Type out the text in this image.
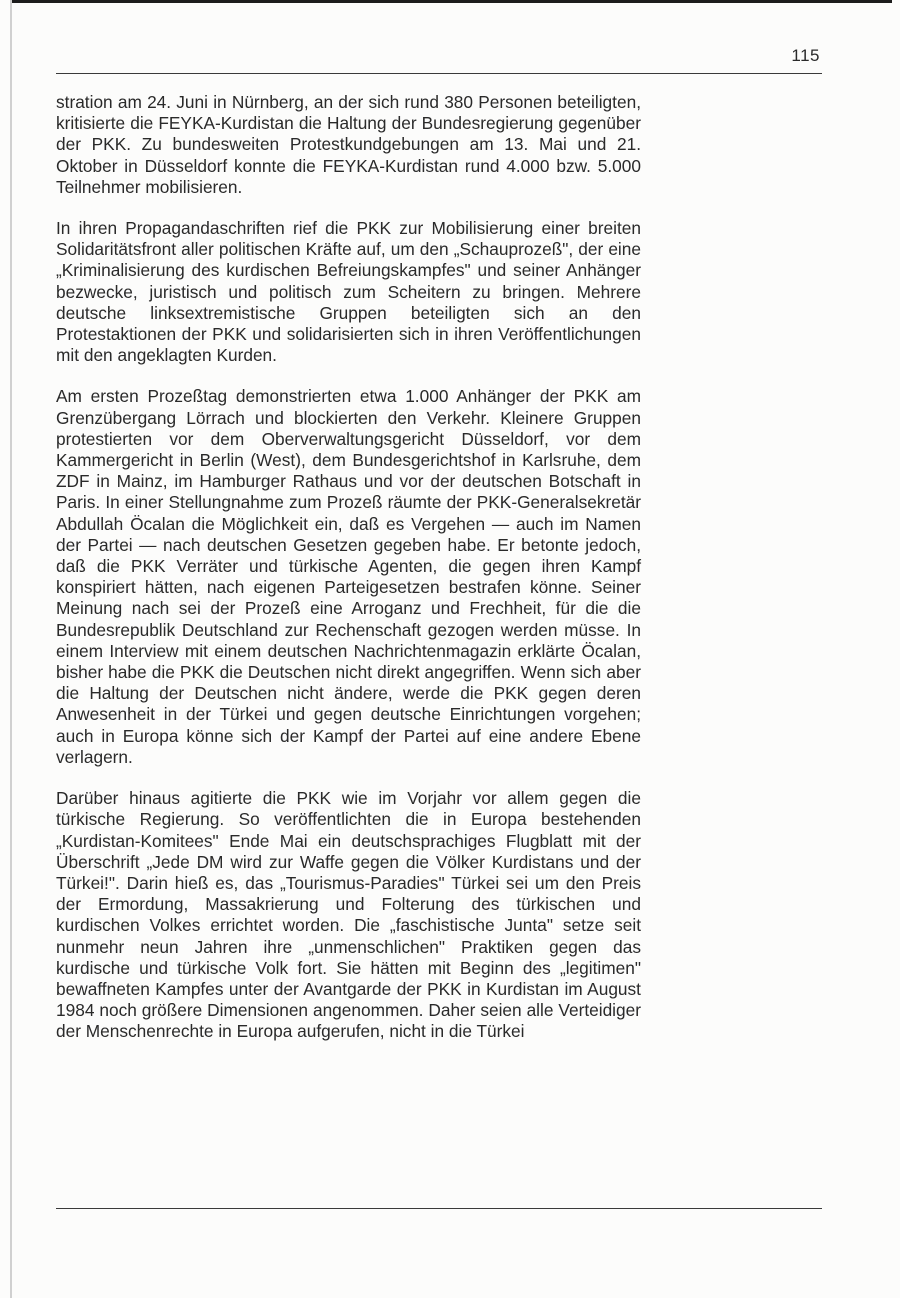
115

stration am 24. Juni in Nürnberg, an der sich rund 380 Personen beteiligten, kritisierte die FEYKA-Kurdistan die Haltung der Bundesregierung gegenüber der PKK. Zu bundesweiten Protestkundgebungen am 13. Mai und 21. Oktober in Düsseldorf konnte die FEYKA-Kurdistan rund 4.000 bzw. 5.000 Teilnehmer mobilisieren.

In ihren Propagandaschriften rief die PKK zur Mobilisierung einer breiten Solidaritätsfront aller politischen Kräfte auf, um den „Schauprozeß", der eine „Kriminalisierung des kurdischen Befreiungskampfes" und seiner Anhänger bezwecke, juristisch und politisch zum Scheitern zu bringen. Mehrere deutsche linksextremistische Gruppen beteiligten sich an den Protestaktionen der PKK und solidarisierten sich in ihren Veröffentlichungen mit den angeklagten Kurden.

Am ersten Prozeßtag demonstrierten etwa 1.000 Anhänger der PKK am Grenzübergang Lörrach und blockierten den Verkehr. Kleinere Gruppen protestierten vor dem Oberverwaltungsgericht Düsseldorf, vor dem Kammergericht in Berlin (West), dem Bundesgerichtshof in Karlsruhe, dem ZDF in Mainz, im Hamburger Rathaus und vor der deutschen Botschaft in Paris. In einer Stellungnahme zum Prozeß räumte der PKK-Generalsekretär Abdullah Öcalan die Möglichkeit ein, daß es Vergehen — auch im Namen der Partei — nach deutschen Gesetzen gegeben habe. Er betonte jedoch, daß die PKK Verräter und türkische Agenten, die gegen ihren Kampf konspiriert hätten, nach eigenen Parteigesetzen bestrafen könne. Seiner Meinung nach sei der Prozeß eine Arroganz und Frechheit, für die die Bundesrepublik Deutschland zur Rechenschaft gezogen werden müsse. In einem Interview mit einem deutschen Nachrichtenmagazin erklärte Öcalan, bisher habe die PKK die Deutschen nicht direkt angegriffen. Wenn sich aber die Haltung der Deutschen nicht ändere, werde die PKK gegen deren Anwesenheit in der Türkei und gegen deutsche Einrichtungen vorgehen; auch in Europa könne sich der Kampf der Partei auf eine andere Ebene verlagern.

Darüber hinaus agitierte die PKK wie im Vorjahr vor allem gegen die türkische Regierung. So veröffentlichten die in Europa bestehenden „Kurdistan-Komitees" Ende Mai ein deutschsprachiges Flugblatt mit der Überschrift „Jede DM wird zur Waffe gegen die Völker Kurdistans und der Türkei!". Darin hieß es, das „Tourismus-Paradies" Türkei sei um den Preis der Ermordung, Massakrierung und Folterung des türkischen und kurdischen Volkes errichtet worden. Die „faschistische Junta" setze seit nunmehr neun Jahren ihre „unmenschlichen" Praktiken gegen das kurdische und türkische Volk fort. Sie hätten mit Beginn des „legitimen" bewaffneten Kampfes unter der Avantgarde der PKK in Kurdistan im August 1984 noch größere Dimensionen angenommen. Daher seien alle Verteidiger der Menschenrechte in Europa aufgerufen, nicht in die Türkei
